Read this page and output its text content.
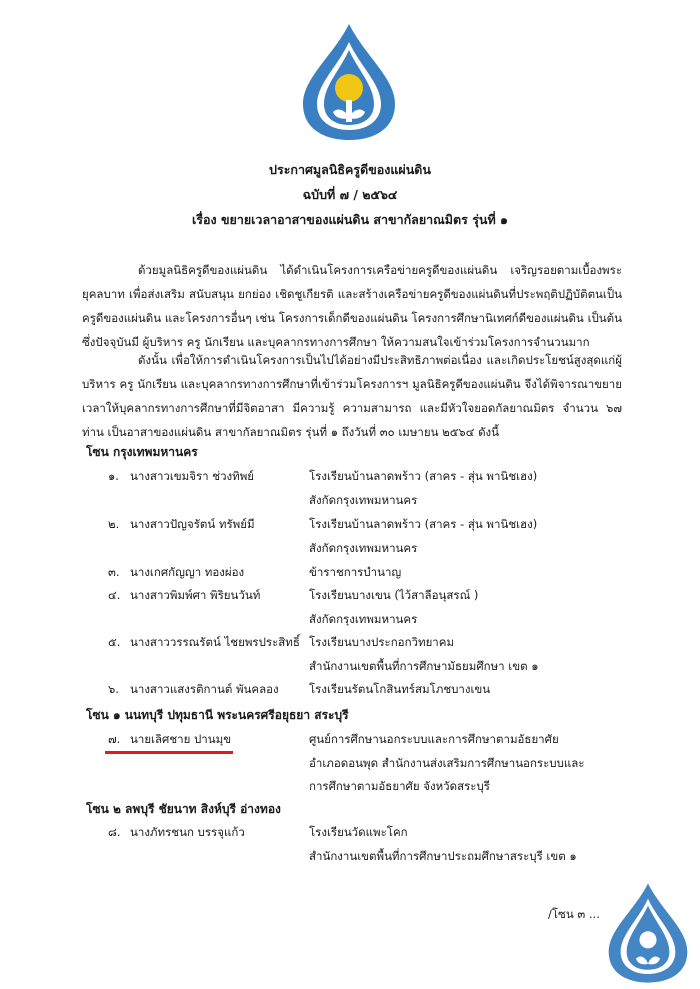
ประกาศมูลนิธิครูดีของแผ่นดิน
ฉบับที่ ๗ / ๒๕๖๔
เรื่อง ขยายเวลาอาสาของแผ่นดิน สาขากัลยาณมิตร รุ่นที่ ๑
ด้วยมูลนิธิครูดีของแผ่นดิน ได้ดำเนินโครงการเครือข่ายครูดีของแผ่นดิน เจริญรอยตามเบื้องพระยุคลบาท เพื่อส่งเสริม สนับสนุน ยกย่อง เชิดชูเกียรติ และสร้างเครือข่ายครูดีของแผ่นดินที่ประพฤติปฏิบัติตนเป็นครูดีของแผ่นดิน และโครงการอื่นๆ เช่น โครงการเด็กดีของแผ่นดิน โครงการศึกษานิเทศก์ดีของแผ่นดิน เป็นต้น ซึ่งปัจจุบันมี ผู้บริหาร ครู นักเรียน และบุคลากรทางการศึกษา ให้ความสนใจเข้าร่วมโครงการจำนวนมาก
ดังนั้น เพื่อให้การดำเนินโครงการเป็นไปได้อย่างมีประสิทธิภาพต่อเนื่อง และเกิดประโยชน์สูงสุดแก่ผู้บริหาร ครู นักเรียน และบุคลากรทางการศึกษาที่เข้าร่วมโครงการฯ มูลนิธิครูดีของแผ่นดิน จึงได้พิจารณาขยายเวลาให้บุคลากรทางการศึกษาที่มีจิตอาสา มีความรู้ ความสามารถ และมีหัวใจยอดกัลยาณมิตร จำนวน ๖๗ ท่าน เป็นอาสาของแผ่นดิน สาขากัลยาณมิตร รุ่นที่ ๑ ถึงวันที่ ๓๐ เมษายน ๒๕๖๔ ดังนี้
โซน กรุงเทพมหานคร
๑. นางสาวเขมจิรา ช่วงทิพย์	โรงเรียนบ้านลาดพร้าว (สาคร - สุ่น พานิชเฮง)
สังกัดกรุงเทพมหานคร
๒. นางสาวปัญจรัตน์ ทรัพย์มี	โรงเรียนบ้านลาดพร้าว (สาคร - สุ่น พานิชเฮง)
สังกัดกรุงเทพมหานคร
๓. นางเกศกัญญา ทองผ่อง	ข้าราชการบำนาญ
๔. นางสาวพิมพ์ศา พิริยนวันท์	โรงเรียนบางเขน (ไว้สาลีอนุสรณ์ )
สังกัดกรุงเทพมหานคร
๕. นางสาววรรณรัตน์ ไชยพรประสิทธิ์ โรงเรียนบางประกอกวิทยาคม
สำนักงานเขตพื้นที่การศึกษามัธยมศึกษา เขต ๑
๖. นางสาวแสงรติกานต์ พันคลอง	โรงเรียนรัตนโกสินทร์สมโภชบางเขน
โซน ๑ นนทบุรี ปทุมธานี พระนครศรีอยุธยา สระบุรี
๗. นายเลิศชาย ปานมุข	ศูนย์การศึกษานอกระบบและการศึกษาตามอัธยาศัย
อำเภอดอนพุด สำนักงานส่งเสริมการศึกษานอกระบบและ
การศึกษาตามอัธยาศัย จังหวัดสระบุรี
โซน ๒ ลพบุรี ชัยนาท สิงห์บุรี อ่างทอง
๘. นางภัทรชนก บรรจุแก้ว	โรงเรียนวัดแพะโคก
สำนักงานเขตพื้นที่การศึกษาประถมศึกษาสระบุรี เขต ๑
/โซน ๓ ...
